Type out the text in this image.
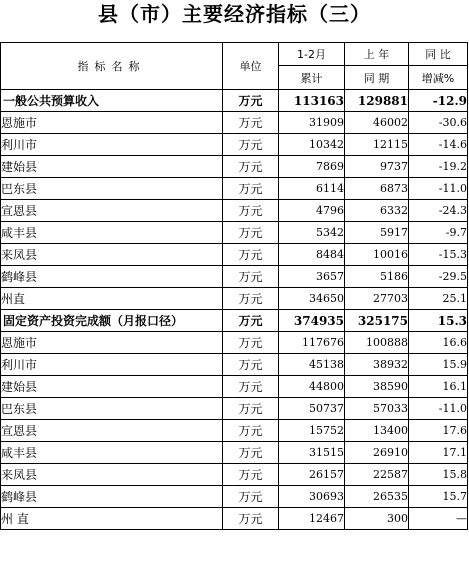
县（市）主要经济指标（三）
指标名称	单位	1-2月	上 年	同 比
		累计	同 期	增减%
一般公共预算收入	万元	113163	129881	-12.9
恩施市	万元	31909	46002	-30.6
利川市	万元	10342	12115	-14.6
建始县	万元	7869	9737	-19.2
巴东县	万元	6114	6873	-11.0
宣恩县	万元	4796	6332	-24.3
咸丰县	万元	5342	5917	-9.7
来凤县	万元	8484	10016	-15.3
鹤峰县	万元	3657	5186	-29.5
州直	万元	34650	27703	25.1
固定资产投资完成额（月报口径）	万元	374935	325175	15.3
恩施市	万元	117676	100888	16.6
利川市	万元	45138	38932	15.9
建始县	万元	44800	38590	16.1
巴东县	万元	50737	57033	-11.0
宣恩县	万元	15752	13400	17.6
咸丰县	万元	31515	26910	17.1
来凤县	万元	26157	22587	15.8
鹤峰县	万元	30693	26535	15.7
州 直	万元	12467	300	—
